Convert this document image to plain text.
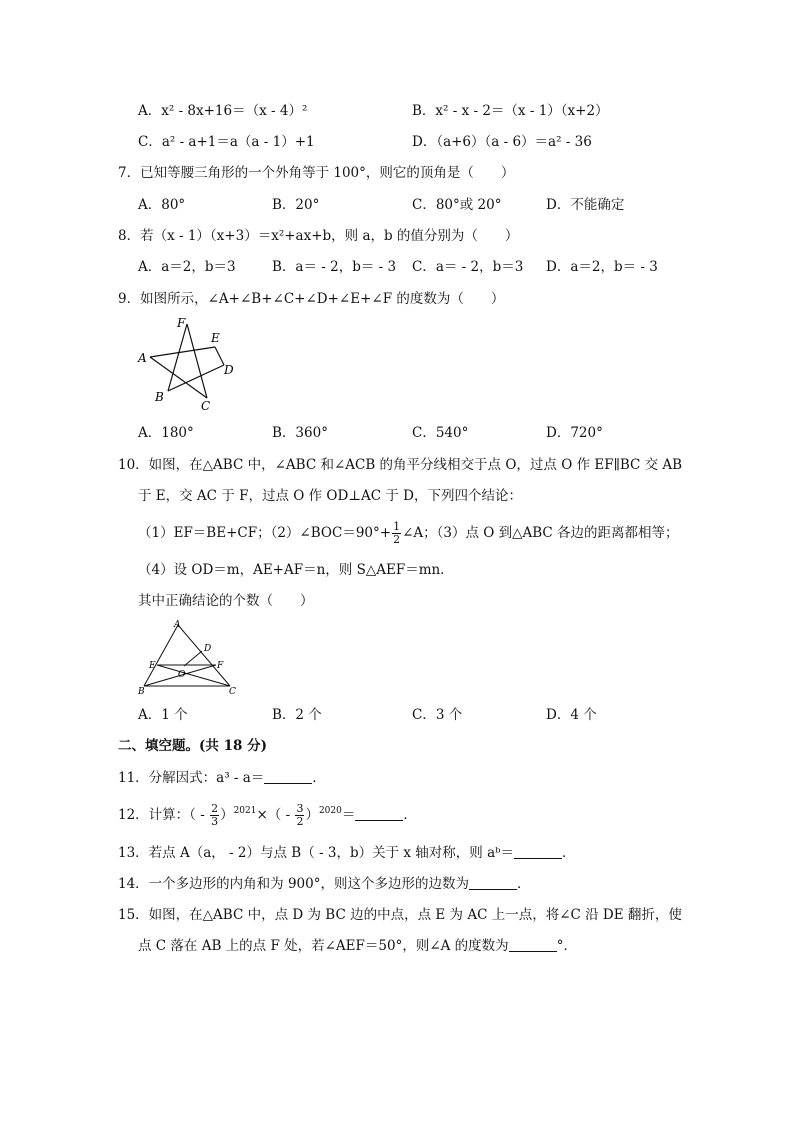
A．x² - 8x+16＝（x - 4）²	B．x² - x - 2＝（x - 1）（x+2）
C．a² - a+1＝a（a - 1）+1	D．（a+6）（a - 6）＝a² - 36
7．已知等腰三角形的一个外角等于 100°，则它的顶角是（　　）
A．80°	B．20°	C．80°或 20°	D．不能确定
8．若（x - 1）（x+3）＝x²+ax+b，则 a，b 的值分别为（　　）
A．a＝2，b＝3	B．a＝ - 2，b＝ - 3 C．a＝ - 2，b＝3 D．a＝2，b＝ - 3
9．如图所示，∠A+∠B+∠C+∠D+∠E+∠F 的度数为（　　）
F
E
A
D
B
C
A．180°	B．360°	C．540°	D．720°
10．如图，在△ABC 中，∠ABC 和∠ACB 的角平分线相交于点 O，过点 O 作 EF∥BC 交 AB
于 E，交 AC 于 F，过点 O 作 OD⊥AC 于 D，下列四个结论：
（1）EF＝BE+CF；（2）∠BOC＝90°+ $\frac{1}{2}$ ∠A；（3）点 O 到△ABC 各边的距离都相等；
（4）设 OD＝m，AE+AF＝n，则 S△AEF＝mn．
其中正确结论的个数（　　）
A
D
E	F
O
B	C
A．1 个	B．2 个	C．3 个	D．4 个
二、填空题。(共 18 分)
11．分解因式：a³ - a＝	．
12．计算：（ - $\frac{2}{3} )^{2021}\times( - \frac{3}{2} )^{2020}=$	．
13．若点 A（a， - 2）与点 B（ - 3，b）关于 x 轴对称，则 aᵇ＝	．
14．一个多边形的内角和为 900°，则这个多边形的边数为	．
15．如图，在△ABC 中，点 D 为 BC 边的中点，点 E 为 AC 上一点，将∠C 沿 DE 翻折，使
点 C 落在 AB 上的点 F 处，若∠AEF＝50°，则∠A 的度数为	°．
